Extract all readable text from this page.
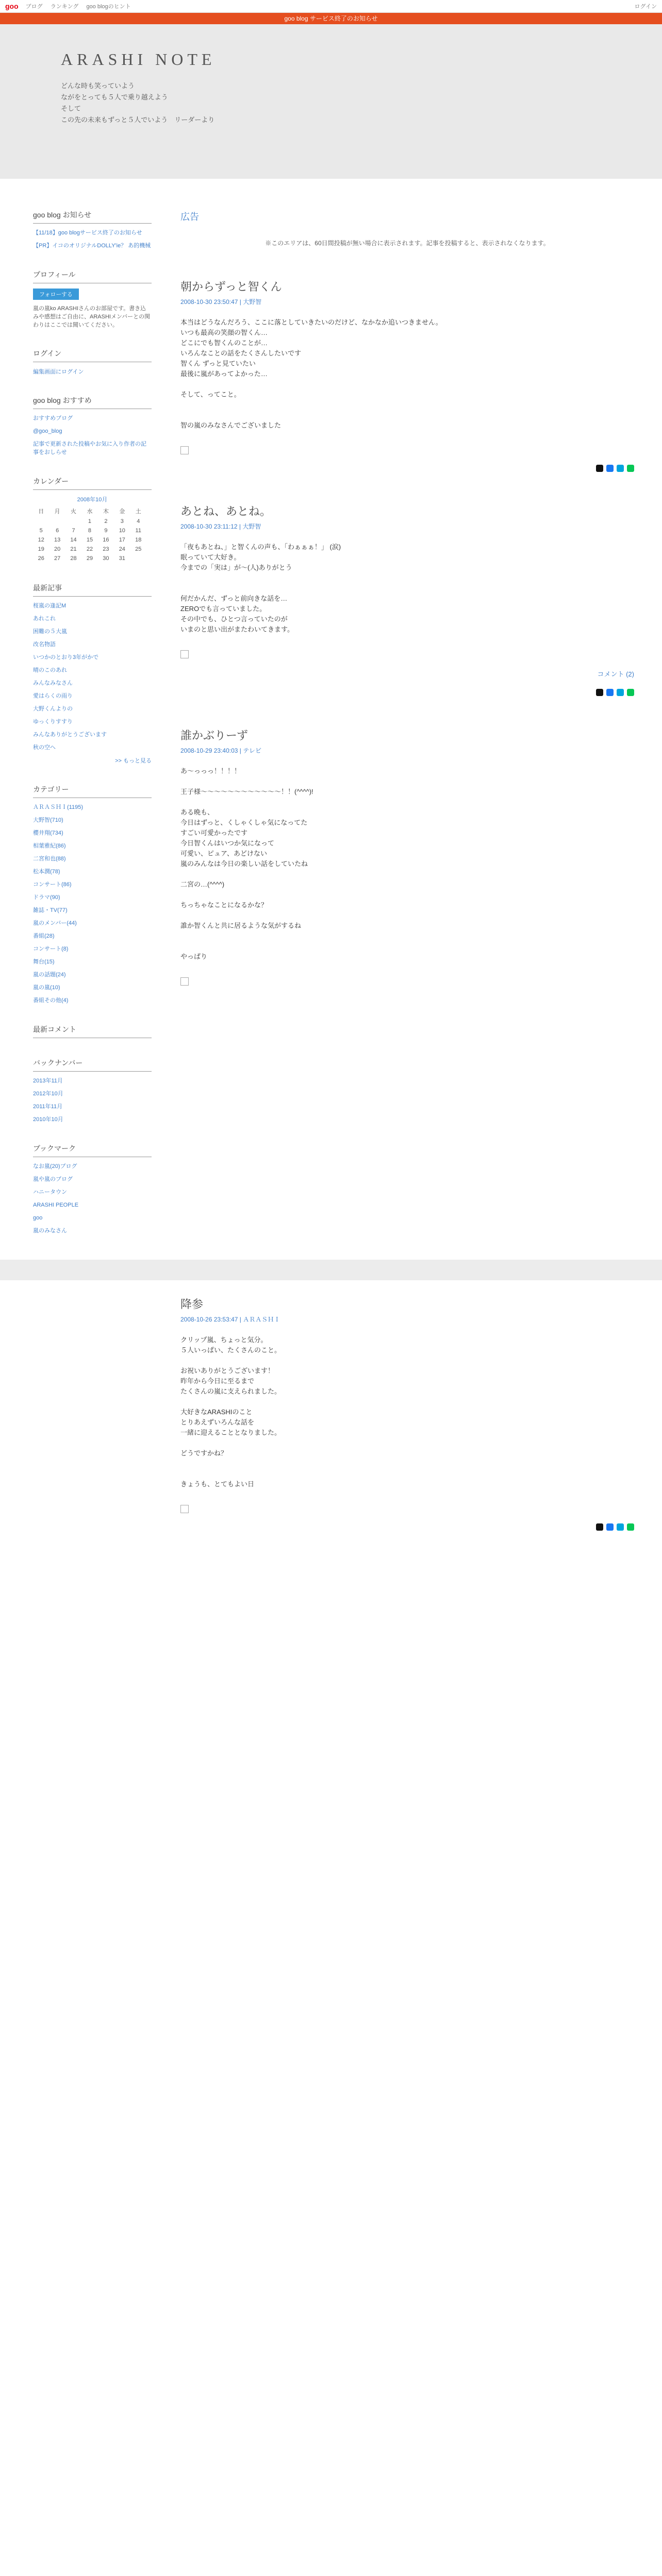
goo ブログ ランキング goo blogのヒント	ログイン
goo blog サービス終了のお知らせ
ARASHI NOTE
どんな時も笑っていよう
ながをとっても５人で乗り越えよう
そして
この先の未来もずっと５人でいよう　リーダーより
goo blog お知らせ
【11/18】goo blogサービス終了のお知らせ
【PR】イコのオリジナルDOLLY'ie？ あ的機械
プロフィール
フォローする
嵐の嵐ko ARASHIさんのお部屋です。書き込みや感想はご自由に、ARASHIメンバーとの関わりはここでは聞いてください。
ログイン
編集画面にログイン
goo blog おすすめ
おすすめブログ
@goo_blog
記事で更新された投稿やお気に入り作者の記事をおしらせ
カレンダー
2008年10月
日	月	火	水	木	金	土
			1	2	3	4
5	6	7	8	9	10	11
12	13	14	15	16	17	18
19	20	21	22	23	24	25
26	27	28	29	30	31	
最新記事
桜嵐の逢記M
あれこれ
困難の５大嵐
改名物語
いつかのとおり3年がかで
晴のこのあれ
みんなみなさん
愛はらくの雨り
大野くんよりの
ゆっくりすすり
みんなありがとうございます
秋の空へ
>> もっと見る
カテゴリー
ＡＲＡＳＨＩ(1195)
大野智(710)
櫻井翔(734)
相葉雅紀(86)
二宮和也(88)
松本潤(78)
コンサート(86)
ドラマ(90)
雑誌・TV(77)
嵐のメンバー(44)
番組(28)
コンサート(8)
舞台(15)
嵐の話題(24)
嵐の嵐(10)
番組その他(4)
最新コメント
バックナンバー
2013年11月
2012年10月
2011年11月
2010年10月
ブックマーク
なお嵐(20)ブログ
嵐や嵐のブログ
ハニータウン
ARASHI PEOPLE
goo
嵐のみなさん
広告
※このエリアは、60日間投稿が無い場合に表示されます。記事を投稿すると、表示されなくなります。
朝からずっと智くん
2008-10-30 23:50:47 | 大野智

本当はどうなんだろう、ここに落としていきたいのだけど、なかなか追いつきません。

いつも最高の笑顔の智くん…

どこにでも智くんのことが…

いろんなことの話をたくさんしたいです

智くん ずっと見ていたい

最後に嵐があってよかった…

そして、ってこと。

智の嵐のみなさんでございました

あとね、あとね。
2008-10-30 23:11:12 | 大野智

「夜もあとね、」と智くんの声も、「わぁぁぁ！」 (涙)

眠っていて大好き。

今までの「実は」が～(人)ありがとう

何だかんだ、ずっと前向きな話を…

ZEROでも言っていました。

その中でも、ひとつ言っていたのが

いまのと思い出がまたわいてきます。

コメント (2)
誰かぶりーず
2008-10-29 23:40:03 | テレビ

あ～っっっ！！！！

王子様～～～～～～～～～～～～！！(^^^^)!

ある晩も、

今日はずっと、くしゃくしゃ気になってた

すごい可愛かったです

今日智くんはいつか気になって

可愛い、ピュア、あどけない

嵐のみんなは今日の楽しい話をしていたね

二宮の…(^^^^)

ちっちゃなことになるかな？

誰か智くんと共に居るような気がするね

やっぱり

降参
2008-10-26 23:53:47 | ＡＲＡＳＨＩ

クリップ嵐、ちょっと気分。

５人いっぱい、たくさんのこと。

お祝いありがとうございます！

昨年から今日に至るまで

たくさんの嵐に支えられました。

大好きなARASHIのこと

とりあえずいろんな話を

一緒に迎えることとなりました。

どうですかね？

きょうも、とてもよい日
